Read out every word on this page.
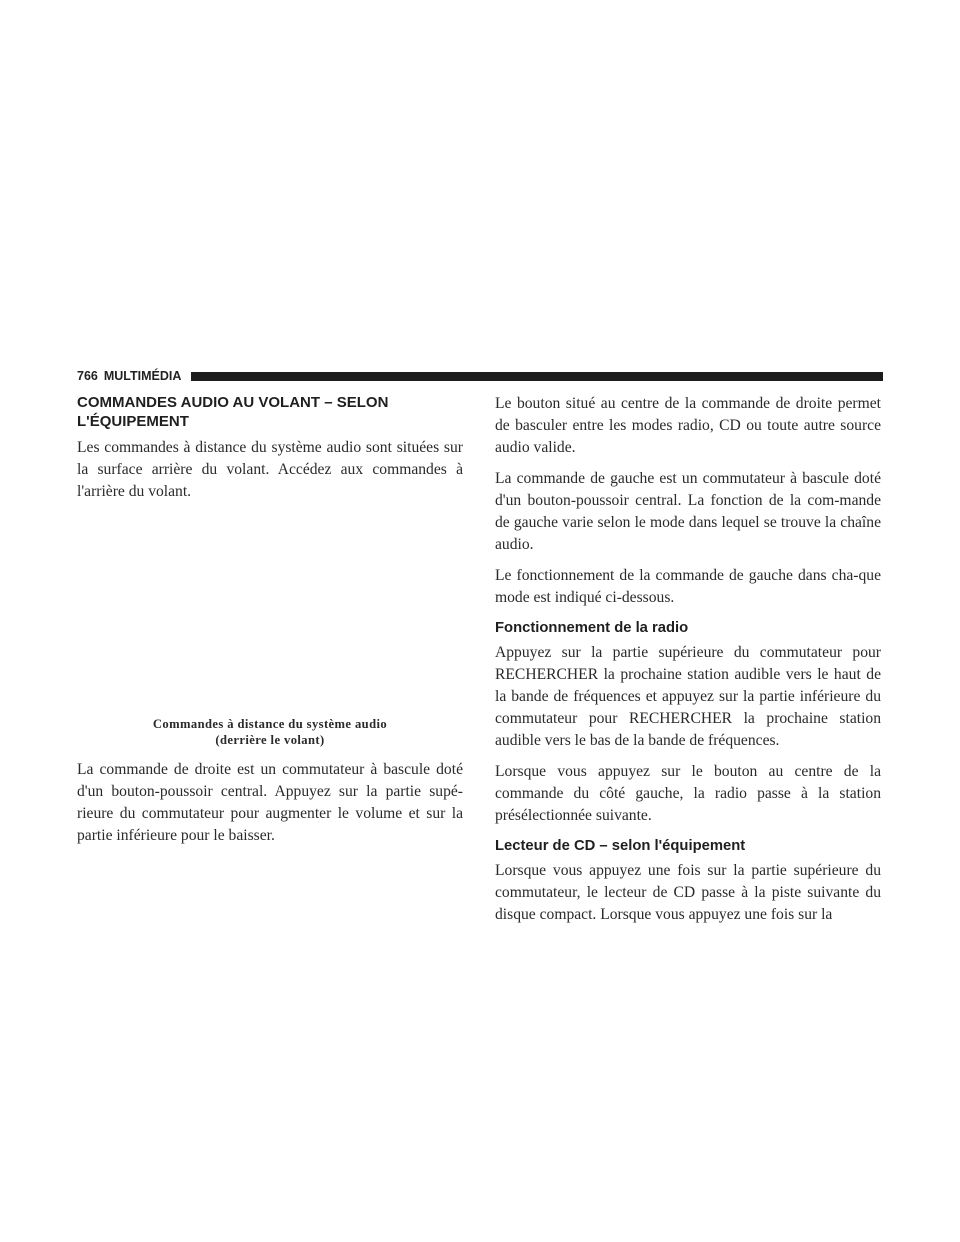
766 MULTIMÉDIA
COMMANDES AUDIO AU VOLANT – SELON
L'ÉQUIPEMENT

Les commandes à distance du système audio sont situées sur la surface arrière du volant. Accédez aux commandes à l'arrière du volant.

Commandes à distance du système audio
(derrière le volant)

La commande de droite est un commutateur à bascule doté d'un bouton-poussoir central. Appuyez sur la partie supé-rieure du commutateur pour augmenter le volume et sur la partie inférieure pour le baisser.

Le bouton situé au centre de la commande de droite permet de basculer entre les modes radio, CD ou toute autre source audio valide.

La commande de gauche est un commutateur à bascule doté d'un bouton-poussoir central. La fonction de la com-mande de gauche varie selon le mode dans lequel se trouve la chaîne audio.

Le fonctionnement de la commande de gauche dans cha-que mode est indiqué ci-dessous.

Fonctionnement de la radio

Appuyez sur la partie supérieure du commutateur pour RECHERCHER la prochaine station audible vers le haut de la bande de fréquences et appuyez sur la partie inférieure du commutateur pour RECHERCHER la prochaine station audible vers le bas de la bande de fréquences.

Lorsque vous appuyez sur le bouton au centre de la commande du côté gauche, la radio passe à la station présélectionnée suivante.

Lecteur de CD – selon l'équipement

Lorsque vous appuyez une fois sur la partie supérieure du commutateur, le lecteur de CD passe à la piste suivante du disque compact. Lorsque vous appuyez une fois sur la
